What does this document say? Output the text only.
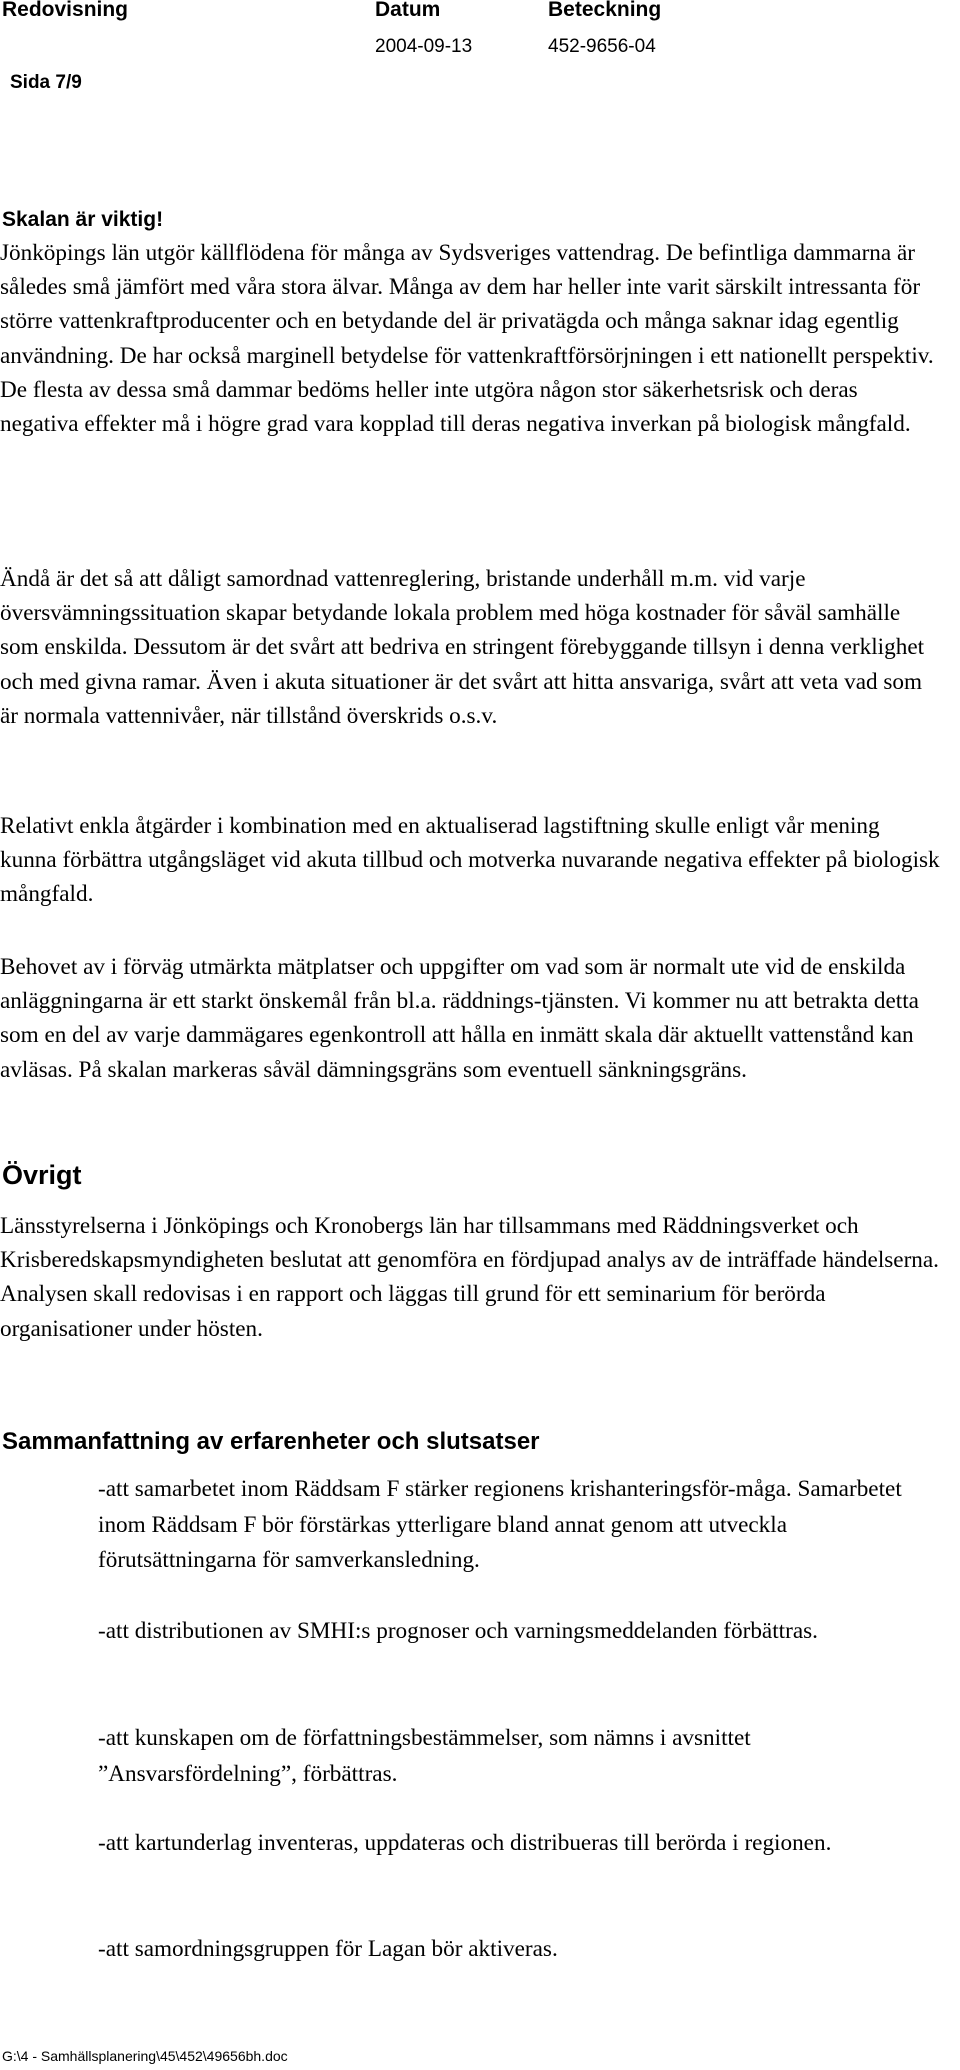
Redovisning	Datum	Beteckning
2004-09-13	452-9656-04
Sida 7/9
Skalan är viktig!
Jönköpings län utgör källflödena för många av Sydsveriges vattendrag. De befintliga dammarna är således små jämfört med våra stora älvar. Många av dem har heller inte varit särskilt intressanta för större vattenkraftproducenter och en betydande del är privatägda och många saknar idag egentlig användning. De har också marginell betydelse för vattenkraftförsörjningen i ett nationellt perspektiv. De flesta av dessa små dammar bedöms heller inte utgöra någon stor säkerhetsrisk och deras negativa effekter må i högre grad vara kopplad till deras negativa inverkan på biologisk mångfald.
Ändå är det så att dåligt samordnad vattenreglering, bristande underhåll m.m. vid varje översvämningssituation skapar betydande lokala problem med höga kostnader för såväl samhälle som enskilda. Dessutom är det svårt att bedriva en stringent förebyggande tillsyn i denna verklighet och med givna ramar. Även i akuta situationer är det svårt att hitta ansvariga, svårt att veta vad som är normala vattennivåer, när tillstånd överskrids o.s.v.
Relativt enkla åtgärder i kombination med en aktualiserad lagstiftning skulle enligt vår mening kunna förbättra utgångsläget vid akuta tillbud och motverka nuvarande negativa effekter på biologisk mångfald.
Behovet av i förväg utmärkta mätplatser och uppgifter om vad som är normalt ute vid de enskilda anläggningarna är ett starkt önskemål från bl.a. räddnings-tjänsten. Vi kommer nu att betrakta detta som en del av varje dammägares egenkontroll att hålla en inmätt skala där aktuellt vattenstånd kan avläsas. På skalan markeras såväl dämningsgräns som eventuell sänkningsgräns.
Övrigt
Länsstyrelserna i Jönköpings och Kronobergs län har tillsammans med Räddningsverket och Krisberedskapsmyndigheten beslutat att genomföra en fördjupad analys av de inträffade händelserna. Analysen skall redovisas i en rapport och läggas till grund för ett seminarium för berörda organisationer under hösten.
Sammanfattning av erfarenheter och slutsatser
-att samarbetet inom Räddsam F stärker regionens krishanteringsför-måga. Samarbetet inom Räddsam F bör förstärkas ytterligare bland annat genom att utveckla förutsättningarna för samverkansledning.
-att distributionen av SMHI:s prognoser och varningsmeddelanden förbättras.
-att kunskapen om de författningsbestämmelser, som nämns i avsnittet ”Ansvarsfördelning”, förbättras.
-att kartunderlag inventeras, uppdateras och distribueras till berörda i regionen.
-att samordningsgruppen för Lagan bör aktiveras.
G:\4 - Samhällsplanering\45\452\49656bh.doc
